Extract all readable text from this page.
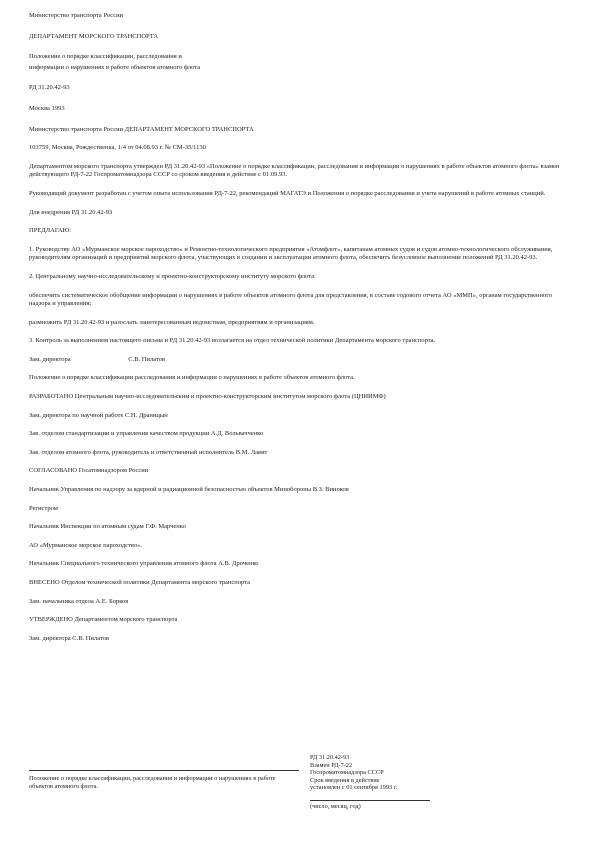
Министерство транспорта России

ДЕПАРТАМЕНТ МОРСКОГО ТРАНСПОРТА

Положение о порядке классификации, расследования и

информации о нарушениях в работе объектов атомного флота

РД 31.20.42-93

Москва 1993

Министерство транспорта России ДЕПАРТАМЕНТ МОРСКОГО ТРАНСПОРТА

103759, Москва, Рождественка, 1/4 от 04.08.93 г. № СМ-35/1130

Департаментом морского транспорта утвержден РД 31.20.42-93 «Положение о порядке классификации, расследования и информации о нарушениях в работе объектов атомного флота» взамен действующего РД-7-22 Госпроматомнадзора СССР со сроком введения в действие с 01.09.93.

Руководящий документ разработан с учетом опыта использования РД-7-22, рекомендаций МАГАТЭ и Положения о порядке расследования и учета нарушений в работе атомных станций.

Для внедрения РД 31.20.42-93

ПРЕДЛАГАЮ:

1. Руководству АО «Мурманское морское пароходство» и Ремонтно-технологического предприятия «Атомфлот», капитанам атомных судов и судов атомно-технологического обслуживания, руководителям организаций и предприятий морского флота, участвующих в создании и эксплуатации атомного флота, обеспечить безусловное выполнение положений РД 31.20.42-93.

2. Центральному научно-исследовательскому и проектно-конструкторскому институту морского флота:

обеспечить систематическое обобщение информации о нарушениях в работе объектов атомного флота для представления, в составе годового отчета АО «ММП», органам государственного надзора и управления;

размножить РД 31.20.42-93 и разослать заинтересованным ведомствам, предприятиям и организациям.

3. Контроль за выполнением настоящего письма и РД 31.20.42-93 возлагается на отдел технической политики Департамента морского транспорта.

Зам. директора	С.В. Пилатов

Положение о порядке классификации расследования и информации о нарушениях в работе объектов атомного флота.

РАЗРАБОТАНО Центральным научно-исследовательским и проектно-конструкторским институтом морского флота (ЦНИИМФ)

Зам. директора по научной работе С.Н. Драницын

Зав. отделом стандартизации и управления качеством продукции А.Д. Вольвачченко

Зав. отделом атомного флота, руководитель и ответственный исполнитель В.М. Лавит

СОГЛАСОВАНО Госатомнадзором России

Начальник Управления по надзору за ядерной и радиационной безопасностью объектов Минобороны В.З. Виноков

Регистром

Начальник Инспекции по атомным судам Г.Ф. Марченко

АО «Мурманское морское пароходство».

Начальник Специального технического управления атомного флота А.В. Дроченко

ВНЕСЕНО Отделом технической политики Департамента морского транспорта

Зам. начальника отдела А.Е. Борков

УТВЕРЖДЕНО Департаментом морского транспорта

Зам. директора С.В. Пилатов

Положение о порядке классификации, расследования и информации о нарушениях в работе объектов атомного флота.
РД 31.20.42-93
Взамен РД-7-22
Госпроматомнадзора СССР
Срок введения в действие
установлен с 01 сентября 1993 г.
(число, месяц, год)
